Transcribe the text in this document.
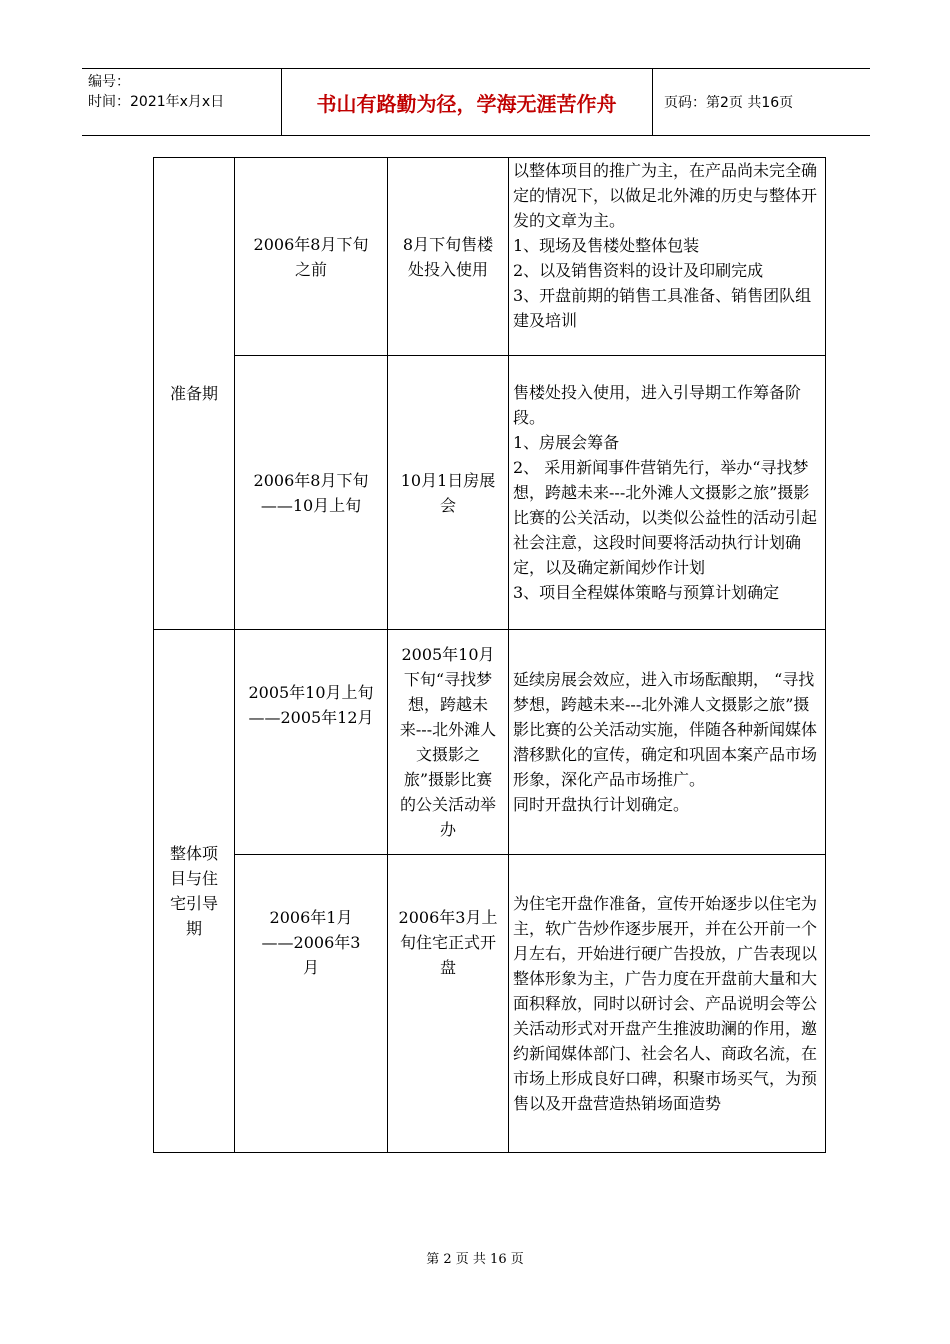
编号：
时间：2021年x月x日	书山有路勤为径，学海无涯苦作舟	页码：第2页 共16页
准备期	2006年8月下旬之前	8月下旬售楼处投入使用	以整体项目的推广为主，在产品尚未完全确定的情况下，以做足北外滩的历史与整体开发的文章为主。
1、现场及售楼处整体包装
2、以及销售资料的设计及印刷完成
3、开盘前期的销售工具准备、销售团队组建及培训

	2006年8月下旬——10月上旬	10月1日房展会	售楼处投入使用，进入引导期工作筹备阶段。
1、房展会筹备
2、 采用新闻事件营销先行，举办“寻找梦想，跨越未来---北外滩人文摄影之旅”摄影比赛的公关活动，以类似公益性的活动引起社会注意，这段时间要将活动执行计划确定，以及确定新闻炒作计划
3、项目全程媒体策略与预算计划确定

整体项目与住宅引导期	2005年10月上旬——2005年12月	2005年10月下旬“寻找梦想，跨越未来---北外滩人文摄影之旅”摄影比赛的公关活动举办	延续房展会效应，进入市场酝酿期， “寻找梦想，跨越未来---北外滩人文摄影之旅”摄影比赛的公关活动实施，伴随各种新闻媒体潜移默化的宣传，确定和巩固本案产品市场形象，深化产品市场推广。
同时开盘执行计划确定。

	2006年1月——2006年3月	2006年3月上旬住宅正式开盘	为住宅开盘作准备，宣传开始逐步以住宅为主，软广告炒作逐步展开，并在公开前一个月左右，开始进行硬广告投放，广告表现以整体形象为主，广告力度在开盘前大量和大面积释放，同时以研讨会、产品说明会等公关活动形式对开盘产生推波助澜的作用，邀约新闻媒体部门、社会名人、商政名流，在市场上形成良好口碑，积聚市场买气，为预售以及开盘营造热销场面造势
第 2 页 共 16 页
